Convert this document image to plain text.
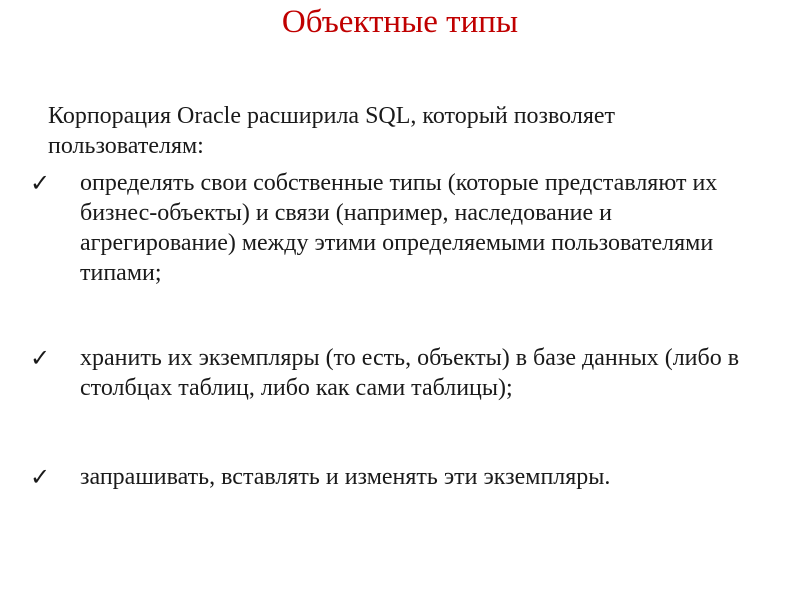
Объектные типы

Корпорация Oracle расширила SQL, который позволяет пользователям:

✓ определять свои собственные типы (которые представляют их бизнес-объекты) и связи (например, наследование и агрегирование) между этими определяемыми пользователями типами;
✓ хранить их экземпляры (то есть, объекты) в базе данных (либо в столбцах таблиц, либо как сами таблицы);
✓ запрашивать, вставлять и изменять эти экземпляры.
